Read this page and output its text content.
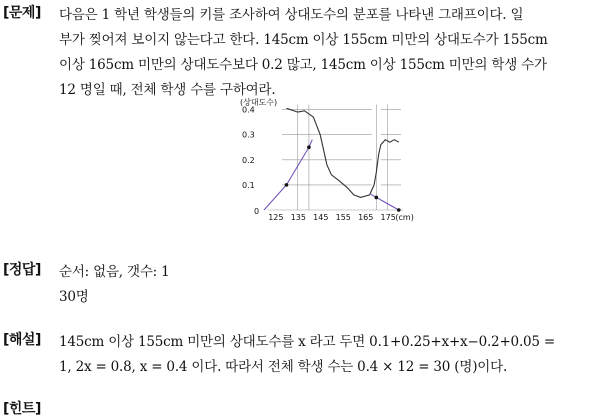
[문제] 다음은 1 학년 학생들의 키를 조사하여 상대도수의 분포를 나타낸 그래프이다. 일
부가 찢어져 보이지 않는다고 한다. 145cm 이상 155cm 미만의 상대도수가 155cm
이상 165cm 미만의 상대도수보다 0.2 많고, 145cm 이상 155cm 미만의 학생 수가
12 명일 때, 전체 학생 수를 구하여라.
0.1
0.2
0.3
0.4
125 135 145 155 165 175 (cm)
0
(상대도수)
[정답] 순서: 없음, 갯수: 1
30명
[해설] 145cm 이상 155cm 미만의 상대도수를 x 라고 두면 0.1+0.25+x+x−0.2+0.05 =
1, 2x = 0.8, x = 0.4 이다. 따라서 전체 학생 수는 0.4 × 12 = 30 (명)이다.
[힌트]
